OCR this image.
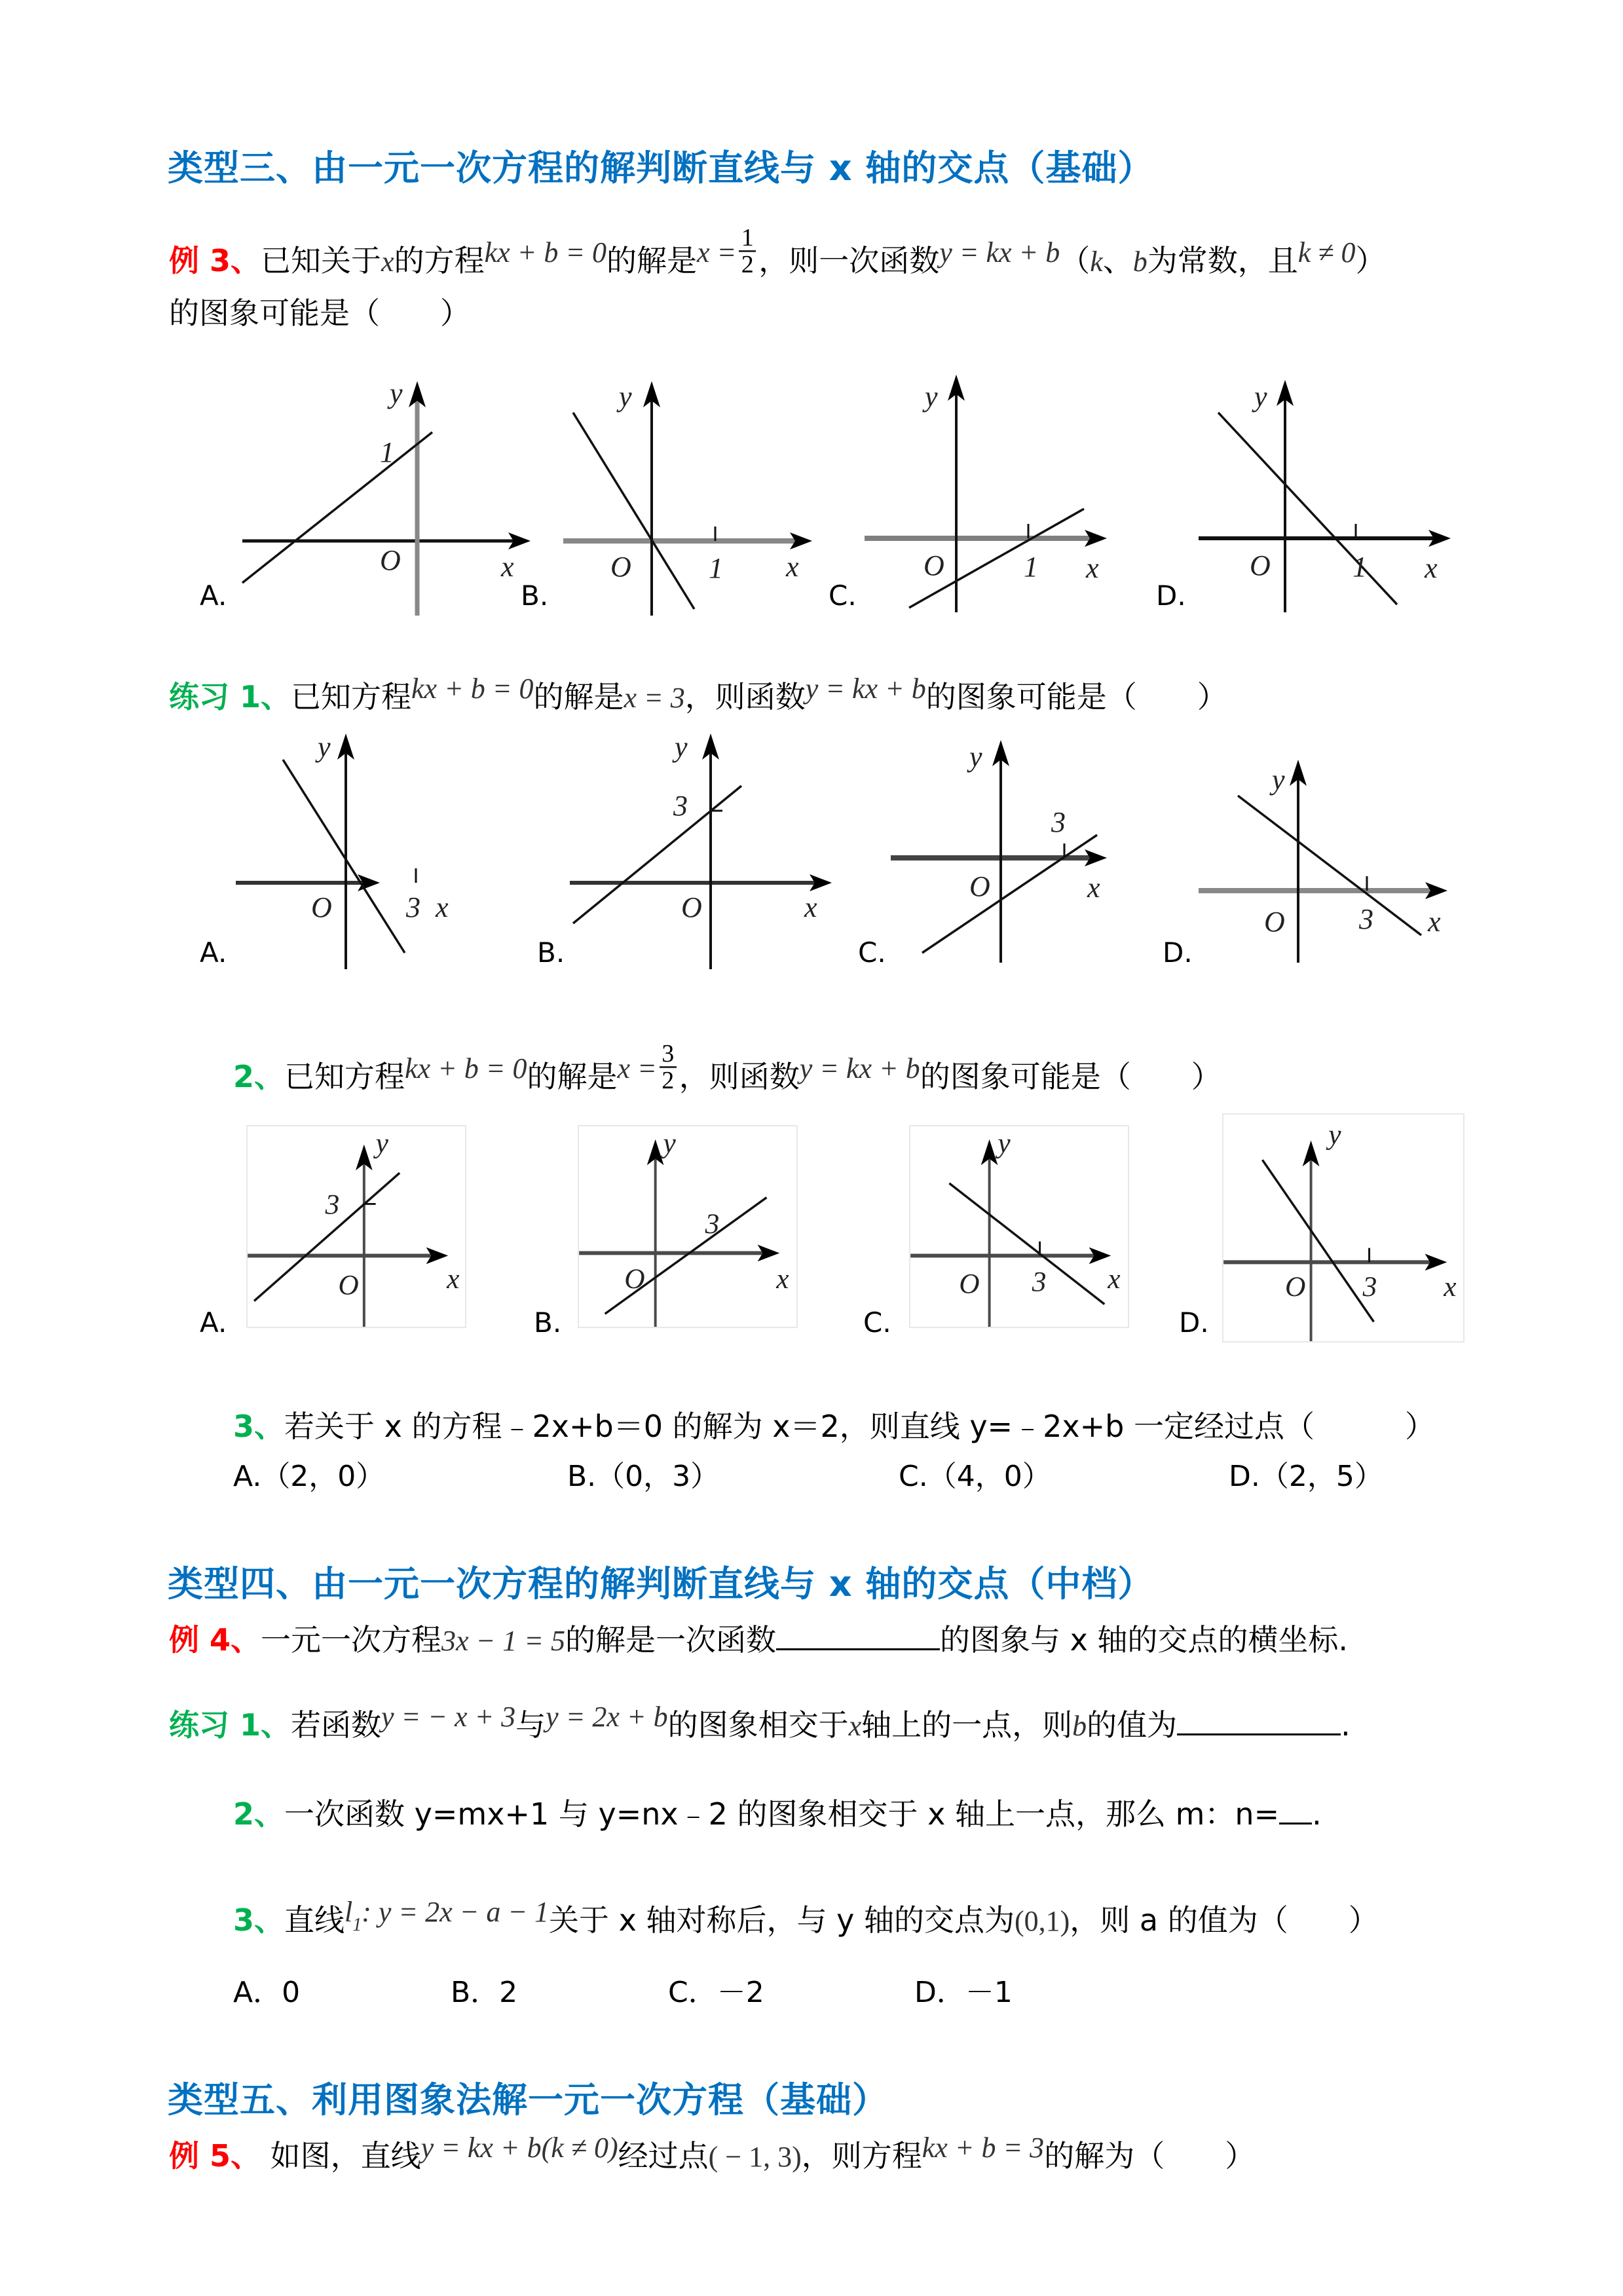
类型三、由一元一次方程的解判断直线与 x 轴的交点（基础）
例 3、已知关于x的方程kx + b = 0的解是$x = \frac{1}{2}$ ，则一次函数y = kx + b（k、b为常数，且k ≠ 0）
的图象可能是（　　）
y
x
O
1
A.
y
x
O	1
B.
y
x
O	1
C.
y
x
O	1
D.
练习 1、已知方程kx + b = 0的解是x = 3，则函数y = kx + b的图象可能是（　　）
y
x
O	3
A.
y
x
O
3
B.
y
x
O
3
C.
y
x
O	3
D.
2、已知方程kx + b = 0的解是$x = \frac{3}{2}$ ，则函数y = kx + b的图象可能是（　　）
y
x
O
3
A.
y
x
O
3
B.
y
x
O 3
C.
y
x
O 3
D.
3、若关于 x 的方程﹣2x+b＝0 的解为 x＝2，则直线 y=﹣2x+b 一定经过点（　　　）
A.（2，0）	B.（0，3）	C.（4，0）	D.（2，5）
类型四、由一元一次方程的解判断直线与 x 轴的交点（中档）
例 4、一元一次方程3x − 1 = 5的解是一次函数	的图象与 x 轴的交点的横坐标.
练习 1、若函数y = − x + 3与y = 2x + b的图象相交于x轴上的一点，则b的值为	.
2、一次函数 y=mx+1 与 y=nx﹣2 的图象相交于 x 轴上一点，那么 m：n= .
3、直线l1: y = 2x − a − 1关于 x 轴对称后，与 y 轴的交点为(0,1)，则 a 的值为（　　）
A．0	B．2	C．－2	D．－1
类型五、利用图象法解一元一次方程（基础）
例 5、 如图，直线y = kx + b(k ≠ 0)经过点( − 1, 3)，则方程kx + b = 3的解为（　　）
